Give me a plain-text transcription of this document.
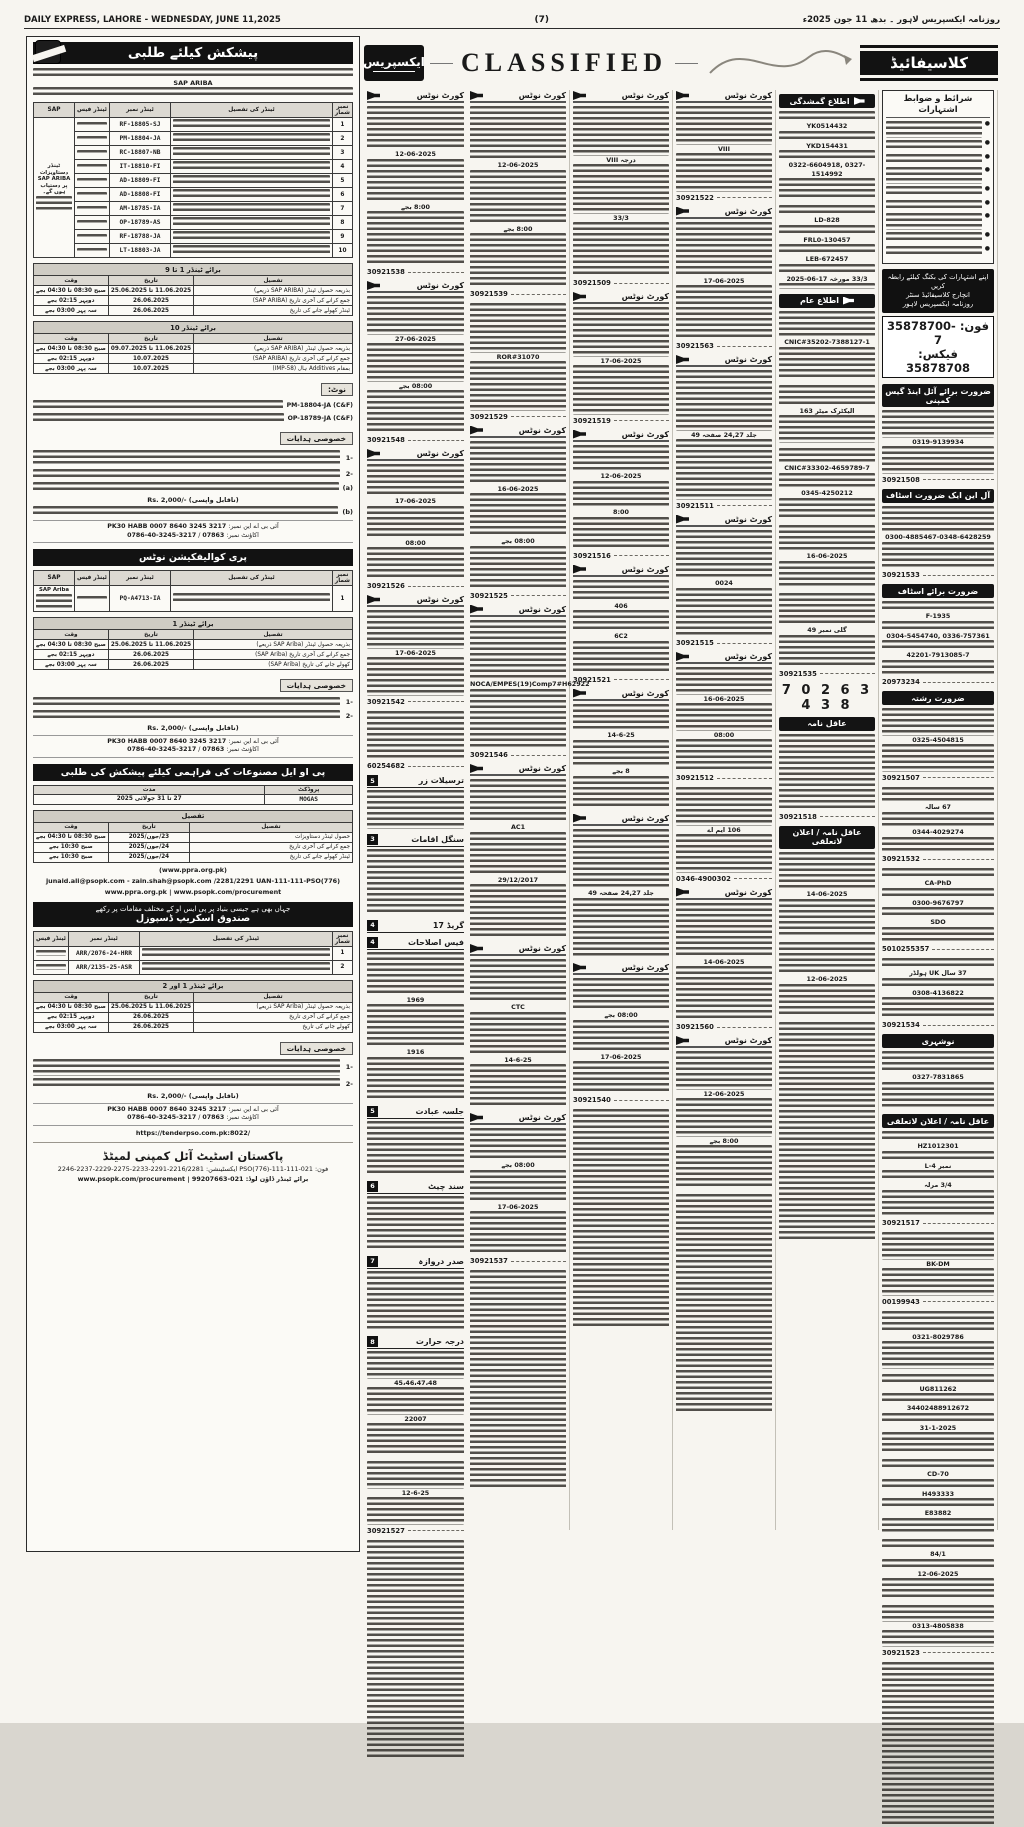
DAILY EXPRESS, LAHORE - WEDNESDAY, JUNE 11,2025	(7)	روزنامہ ایکسپریس لاہور ۔ بدھ 11 جون 2025ء
پیشکش کیلئے طلبی
SAP ARIBA
نمبر شمار	ٹینڈر کی تفصیل	ٹینڈر نمبر	ٹینڈر فیس	SAP
1		RF-18805-SJ		ٹینڈر دستاویزات SAP ARIBA پر دستیاب ہوں گے۔

2		PM-18804-JA		

3		RC-18807-NB		

4		IT-18810-FI		

5		AD-18809-FI		

6		AD-18808-FI		

7		AM-18785-IA		

8		OP-18789-AS		

9		RF-18788-JA		

10		LT-18803-JA		
برائے ٹینڈر 1 تا 9
تفصیل	تاریخ	وقت
بذریعہ حصول ٹینڈر (SAP ARIBA ذریعے)	11.06.2025 تا 25.06.2025	صبح 08:30 تا 04:30 بجے
جمع کرانے کی آخری تاریخ (SAP ARIBA)	26.06.2025	دوپہر 02:15 بجے
ٹینڈر کھولے جانے کی تاریخ	26.06.2025	سہ پہر 03:00 بجے
برائے ٹینڈر 10
تفصیل	تاریخ	وقت
بذریعہ حصول ٹینڈر (SAP ARIBA ذریعے)	11.06.2025 تا 09.07.2025	صبح 08:30 تا 04:30 بجے
جمع کرانے کی آخری تاریخ (SAP ARIBA)	10.07.2025	دوپہر 02:15 بجے
بمقام Additives ہال (IMP-58)	10.07.2025	سہ پہر 03:00 بجے
نوٹ:
PM-18804-JA (C&F)
OP-18789-JA (C&F)
خصوصی ہدایات
-1
-2
(a)
Rs. 2,000/- (ناقابل واپسی)
(b)
آئی بی اے این نمبر: PK30 HABB 0007 8640 3245 3217
اکاؤنٹ نمبر: 0786-40-3245-3217 / 07863
پری کوالیفکیشن نوٹس
نمبر شمار	ٹینڈر کی تفصیل	ٹینڈر نمبر	ٹینڈر فیس	SAP
1		PQ-A4713-IA		SAP Ariba
برائے ٹینڈر 1
تفصیل	تاریخ	وقت
بذریعہ حصول ٹینڈر (SAP Ariba ذریعے)	11.06.2025 تا 25.06.2025	صبح 08:30 تا 04:30 بجے
جمع کرانے کی آخری تاریخ (SAP Ariba)	26.06.2025	دوپہر 02:15 بجے
کھولے جانے کی تاریخ (SAP Ariba)	26.06.2025	سہ پہر 03:00 بجے
خصوصی ہدایات
-1
-2
Rs. 2,000/- (ناقابل واپسی)
آئی بی اے این نمبر: PK30 HABB 0007 8640 3245 3217
اکاؤنٹ نمبر: 0786-40-3245-3217 / 07863
پی او ایل مصنوعات کی فراہمی کیلئے پیشکش کی طلبی
پروڈکٹ	مدت
MOGAS	27 تا 31 جولائی 2025
تفصیل
تفصیل	تاریخ	وقت
حصول ٹینڈر دستاویزات	23/جون/2025	صبح 08:30 تا 04:30 بجے
جمع کرانے کی آخری تاریخ	24/جون/2025	صبح 10:30 بجے
ٹینڈر کھولے جانے کی تاریخ	24/جون/2025	صبح 10:30 بجے
(www.ppra.org.pk)
junaid.ali@psopk.com - zain.shah@psopk.com /2281/2291 UAN-111-111-PSO(776)
www.ppra.org.pk | www.psopk.com/procurement
جہاں بھی ہے جیسی بنیاد پر پی ایس او کے مختلف مقامات پر رکھے
صندوق اسکریپ ڈسپوزل
نمبر شمار	ٹینڈر کی تفصیل	ٹینڈر نمبر	ٹینڈر فیس
1		ARR/2076-24-HRR	

2		ARR/2135-25-ASR	
برائے ٹینڈر 1 اور 2
تفصیل	تاریخ	وقت
بذریعہ حصول ٹینڈر (SAP Ariba ذریعے)	11.06.2025 تا 25.06.2025	صبح 08:30 تا 04:30 بجے
جمع کرانے کی آخری تاریخ	26.06.2025	دوپہر 02:15 بجے
کھولے جانے کی تاریخ	26.06.2025	سہ پہر 03:00 بجے
خصوصی ہدایات
-1
-2
Rs. 2,000/- (ناقابل واپسی)
آئی بی اے این نمبر: PK30 HABB 0007 8640 3245 3217
اکاؤنٹ نمبر: 0786-40-3245-3217 / 07863
https://tenderpso.com.pk:8022/
پاکستان اسٹیٹ آئل کمپنی لمیٹڈ
فون: 021-111-111-PSO(776) ایکسٹینشن: 2216/2281-2291-2233-2275-2229-2237-2246
www.psopk.com/procurement | برائے ٹینڈر ڈاؤن لوڈ: 021-99207663
ایکسپریس CLASSIFIED	کلاسیفائیڈ
کورٹ نوٹس
12-06-2025
8:00 بجے
30921538
کورٹ نوٹس
27-06-2025
08:00 بجے
30921548
کورٹ نوٹس
17-06-2025
08:00
30921526
کورٹ نوٹس
17-06-2025
30921542
60254682
5	ترسیلات زر
3	سنگل اقامات
4	گریڈ 17
4	فیس اصلاحات
1969
1916
5	جلسہ عبادت
6	سند چیٹ
7	صدر دروازہ
8	درجہ حرارت
45،46،47،48
22007
12-6-25
30921527
کورٹ نوٹس
12-06-2025
8:00 بجے
30921539
ROR#31070
30921529
کورٹ نوٹس
16-06-2025
08:00 بجے
30921525
کورٹ نوٹس
NOCA/EMPES(19)Comp7#H62922
30921546
کورٹ نوٹس
AC1
29/12/2017
کورٹ نوٹس
CTC
14-6-25
کورٹ نوٹس
08:00 بجے
17-06-2025
30921537
کورٹ نوٹس
VIII درجہ
33/3
30921509
کورٹ نوٹس
17-06-2025
30921519
کورٹ نوٹس
12-06-2025
8:00
30921516
کورٹ نوٹس
406
6C2
30921521
کورٹ نوٹس
14-6-25
8 بجے
کورٹ نوٹس
جلد 24,27 صفحہ 49
کورٹ نوٹس
08:00 بجے
17-06-2025
30921540
کورٹ نوٹس
VIII
30921522
کورٹ نوٹس
17-06-2025
30921563
کورٹ نوٹس
جلد 24,27 صفحہ 49
30921511
کورٹ نوٹس
0024
30921515
کورٹ نوٹس
16-06-2025
08:00
30921512
106 ایم اے
0346-4900302
کورٹ نوٹس
14-06-2025
30921560
کورٹ نوٹس
12-06-2025
8:00 بجے
اطلاع گمشدگی
YK0514432
YKD154431
0322-6604918, 0327-1514992
LD-828
FRL0-130457
LEB-672457
33/3 مورخہ 17-06-2025
اطلاع عام
CNIC#35202-7388127-1
الیکٹرک میٹر 163
CNIC#33302-4659789-7
0345-4250212
16-06-2025
گلی نمبر 49
30921535
7 0 2 6 3 4 3 8
عاقل نامہ
30921518
عاقل نامہ / اعلان لاتعلقی
14-06-2025
12-06-2025
شرائط و ضوابط اشتہارات
●
●
●
●
●
●
●
●
●
اپنے اشتہارات کی بکنگ کیلئے رابطہ کریں
انچارج کلاسیفائیڈ سنٹر
روزنامہ ایکسپریس لاہور
فون: 35878700-7
فیکس: 35878708
ضرورت برائے آئل اینڈ گیس کمپنی
0319-9139934
30921508
آل این ایک ضرورت اسٹاف
0300-4885467-0348-6428259
30921533
ضرورت برائے اسٹاف
F-1935
0304-5454740, 0336-757361
42201-7913085-7
20973234
ضرورت رشتہ
0325-4504815
30921507
67 سالہ
0344-4029274
30921532
CA-PhD
0300-9676797
SDO
5010255357
37 سال UK ہولڈر
0308-4136822
30921534
نوشہری
0327-7831865
عاقل نامہ / اعلان لاتعلقی
HZ1012301
نمبر 4-L
3/4 مرلہ
30921517
BK-DM
00199943
0321-8029786
UG811262
34402488912672
31-1-2025
CD-70
H493333
E83882
84/1
12-06-2025
0313-4805838
30921523
